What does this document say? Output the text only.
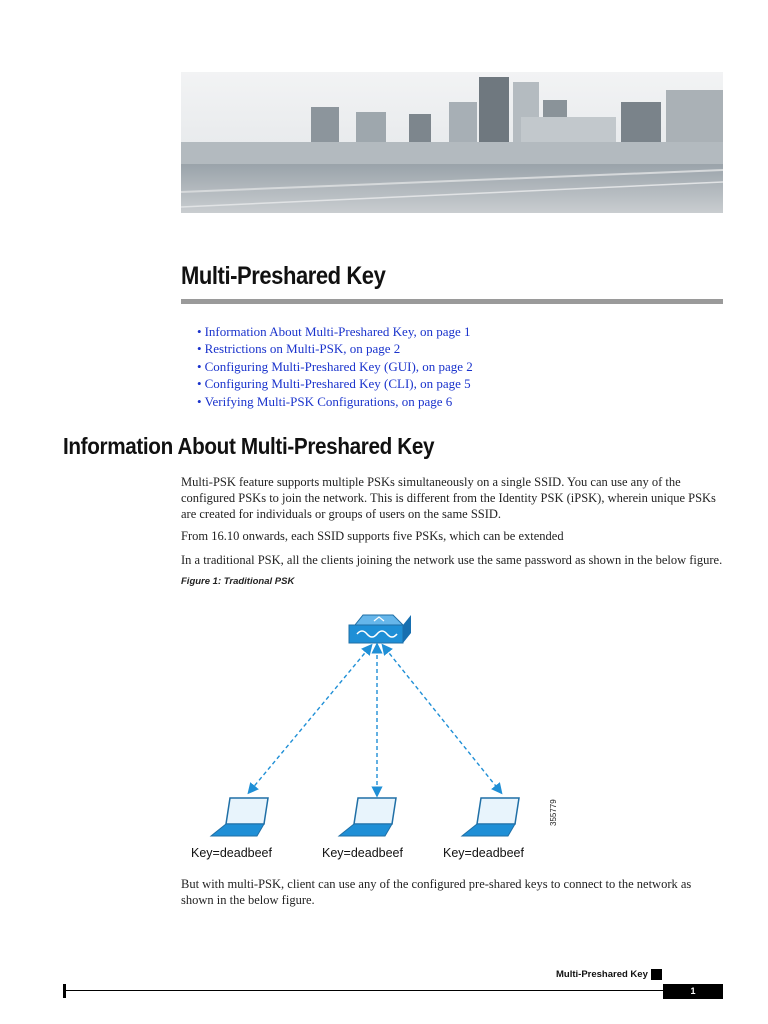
Multi-Preshared Key
• Information About Multi-Preshared Key, on page 1
• Restrictions on Multi-PSK, on page 2
• Configuring Multi-Preshared Key (GUI), on page 2
• Configuring Multi-Preshared Key (CLI), on page 5
• Verifying Multi-PSK Configurations, on page 6
Information About Multi-Preshared Key

Multi-PSK feature supports multiple PSKs simultaneously on a single SSID. You can use any of the configured PSKs to join the network. This is different from the Identity PSK (iPSK), wherein unique PSKs are created for individuals or groups of users on the same SSID.

From 16.10 onwards, each SSID supports five PSKs, which can be extended

In a traditional PSK, all the clients joining the network use the same password as shown in the below figure.

Figure 1: Traditional PSK

Key=deadbeef	Key=deadbeef	Key=deadbeef
355779

But with multi-PSK, client can use any of the configured pre-shared keys to connect to the network as shown in the below figure.

Multi-Preshared Key
1
